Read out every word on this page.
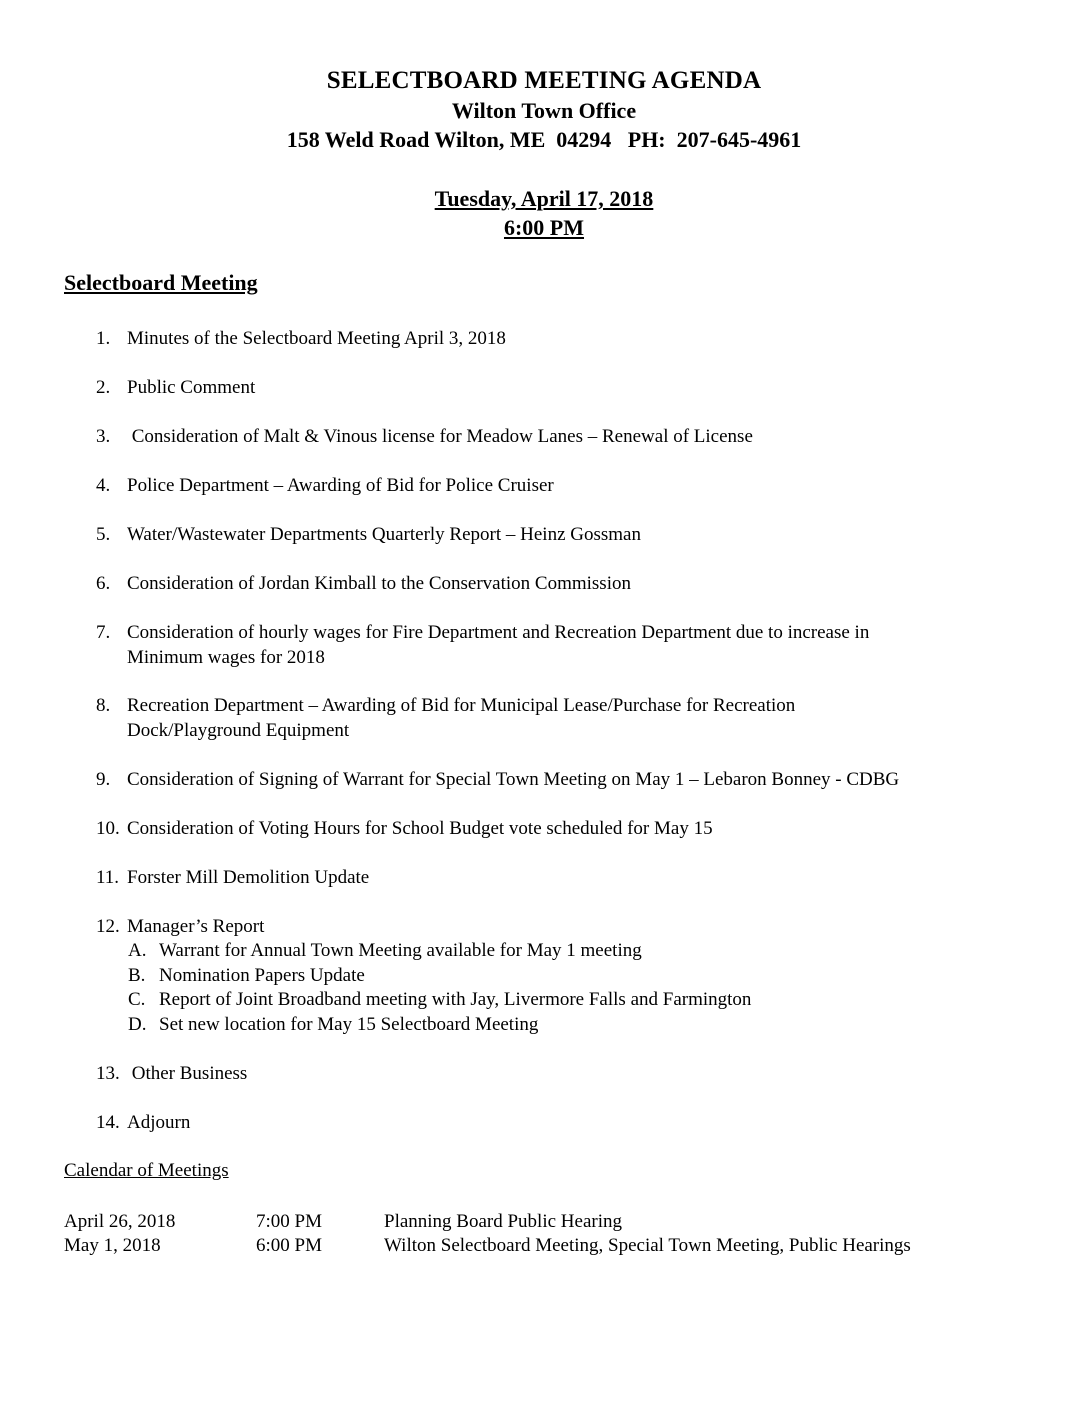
SELECTBOARD MEETING AGENDA
Wilton Town Office
158 Weld Road Wilton, ME  04294   PH:  207-645-4961
Tuesday, April 17, 2018
6:00 PM
Selectboard Meeting
1. Minutes of the Selectboard Meeting April 3, 2018
2. Public Comment
3. Consideration of Malt & Vinous license for Meadow Lanes – Renewal of License
4. Police Department – Awarding of Bid for Police Cruiser
5. Water/Wastewater Departments Quarterly Report – Heinz Gossman
6. Consideration of Jordan Kimball to the Conservation Commission
7. Consideration of hourly wages for Fire Department and Recreation Department due to increase in
Minimum wages for 2018
8. Recreation Department – Awarding of Bid for Municipal Lease/Purchase for Recreation
Dock/Playground Equipment
9. Consideration of Signing of Warrant for Special Town Meeting on May 1 – Lebaron Bonney - CDBG
10. Consideration of Voting Hours for School Budget vote scheduled for May 15
11. Forster Mill Demolition Update
12. Manager’s Report
A. Warrant for Annual Town Meeting available for May 1 meeting
B. Nomination Papers Update
C. Report of Joint Broadband meeting with Jay, Livermore Falls and Farmington
D. Set new location for May 15 Selectboard Meeting
13. Other Business
14. Adjourn
Calendar of Meetings
April 26, 2018	7:00 PM	Planning Board Public Hearing
May 1, 2018	6:00 PM	Wilton Selectboard Meeting, Special Town Meeting, Public Hearings
